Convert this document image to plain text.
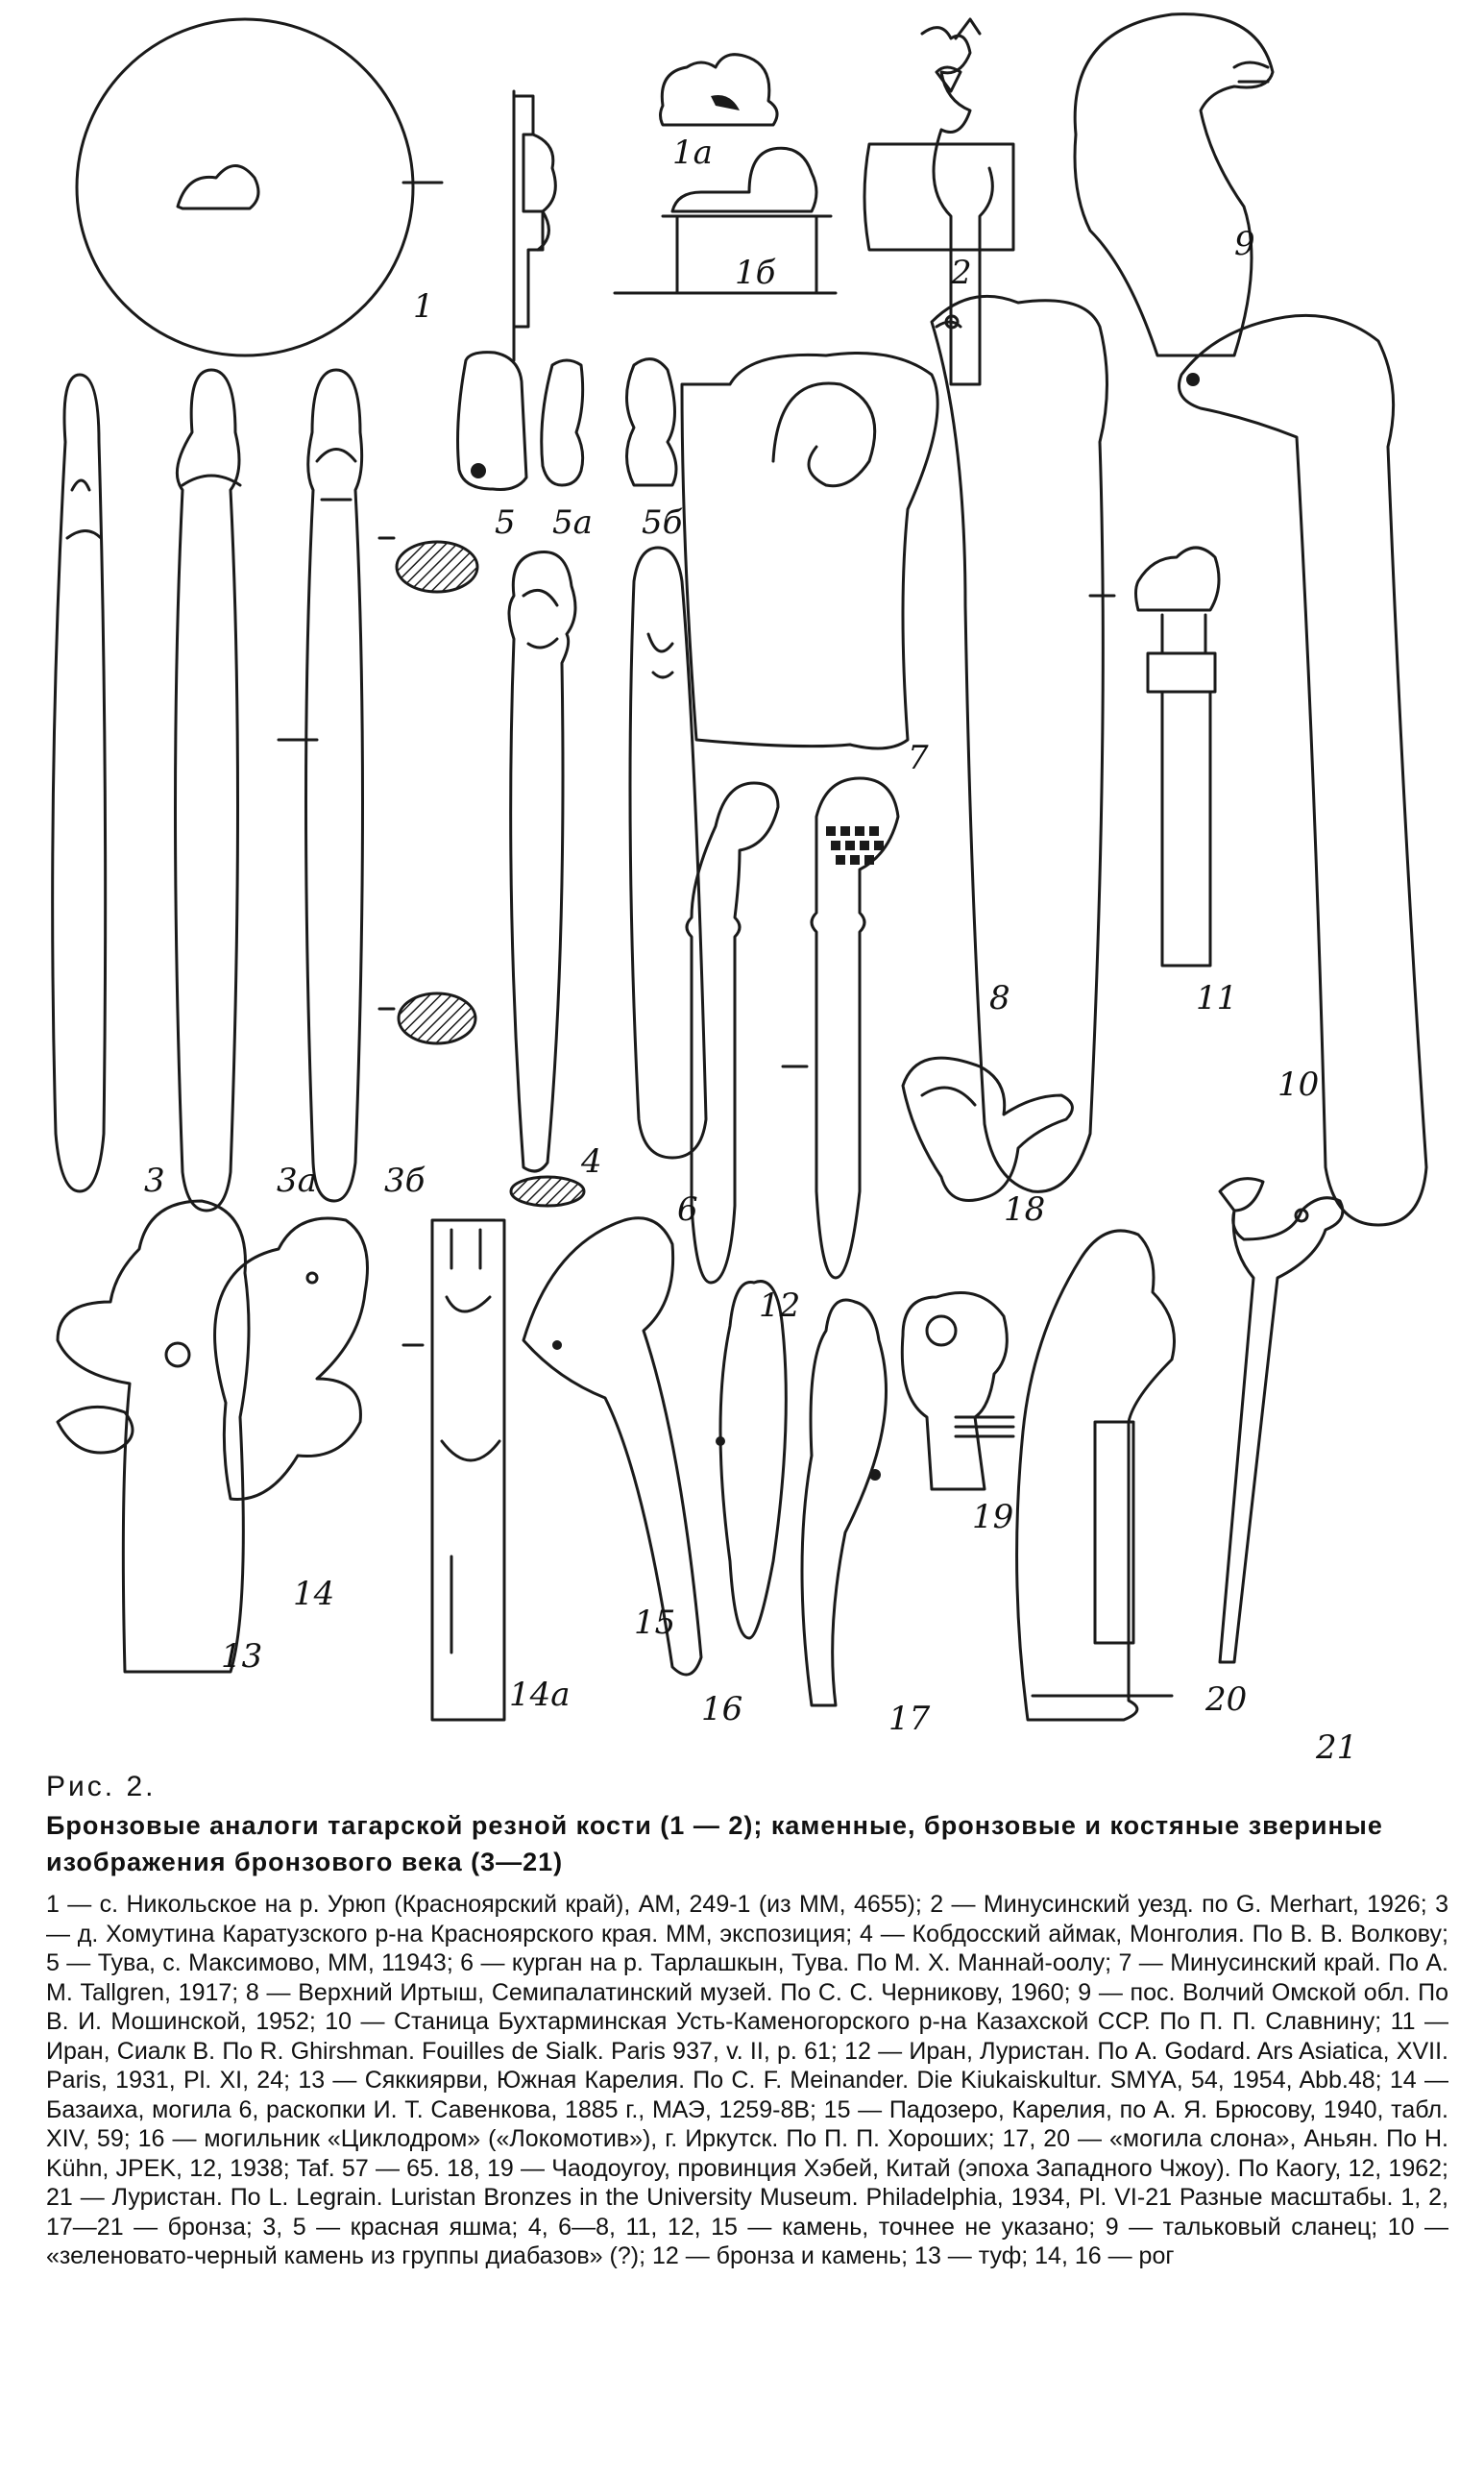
1
1а
1б	2
9
3	3а 3б
5 5а 5б
4
6
7
8	11
10
12
18
19
13
14
14а
15
16	17	20
21

Рис. 2.

Бронзовые аналоги тагарской резной кости (1 — 2); каменные, бронзовые и костяные звериные изображения бронзового века (3—21)

1 — с. Никольское на р. Урюп (Красноярский край), АМ, 249-1 (из ММ, 4655); 2 — Минусинский уезд. по G. Merhart, 1926; 3 — д. Хомутина Каратузского р-на Красноярского края. ММ, экспозиция; 4 — Кобдосский аймак, Монголия. По В. В. Волкову; 5 — Тува, с. Максимово, ММ, 11943; 6 — курган на р. Тарлашкын, Тува. По М. Х. Маннай-оолу; 7 — Минусинский край. По А. М. Tallgren, 1917; 8 — Верхний Иртыш, Семипалатинский музей. По С. С. Черникову, 1960; 9 — пос. Волчий Омской обл. По В. И. Мошинской, 1952; 10 — Станица Бухтарминская Усть-Каменогорского р-на Казахской ССР. По П. П. Славнину; 11 — Иран, Сиалк В. По R. Ghirshman. Fouilles de Sialk. Paris 937, v. II, p. 61; 12 — Иран, Луристан. По A. Godard. Ars Asiatica, XVII. Paris, 1931, Pl. XI, 24; 13 — Сяккиярви, Южная Карелия. По C. F. Meinander. Die Kiukaiskultur. SMYA, 54, 1954, Abb.48; 14 — Базаиха, могила 6, раскопки И. Т. Савенкова, 1885 г., МАЭ, 1259-8В; 15 — Падозеро, Карелия, по А. Я. Брюсову, 1940, табл. XIV, 59; 16 — могильник «Циклодром» («Локомотив»), г. Иркутск. По П. П. Хороших; 17, 20 — «могила слона», Аньян. По Н. Kühn, JPEK, 12, 1938; Taf. 57 — 65. 18, 19 — Чаодоугоу, провинция Хэбей, Китай (эпоха Западного Чжоу). По Каогу, 12, 1962; 21 — Луристан. По L. Legrain. Luristan Bronzes in the University Museum. Philadelphia, 1934, Pl. VI-21 Разные масштабы. 1, 2, 17—21 — бронза; 3, 5 — красная яшма; 4, 6—8, 11, 12, 15 — камень, точнее не указано; 9 — тальковый сланец; 10 — «зеленовато-черный камень из группы диабазов» (?); 12 — бронза и камень; 13 — туф; 14, 16 — рог
